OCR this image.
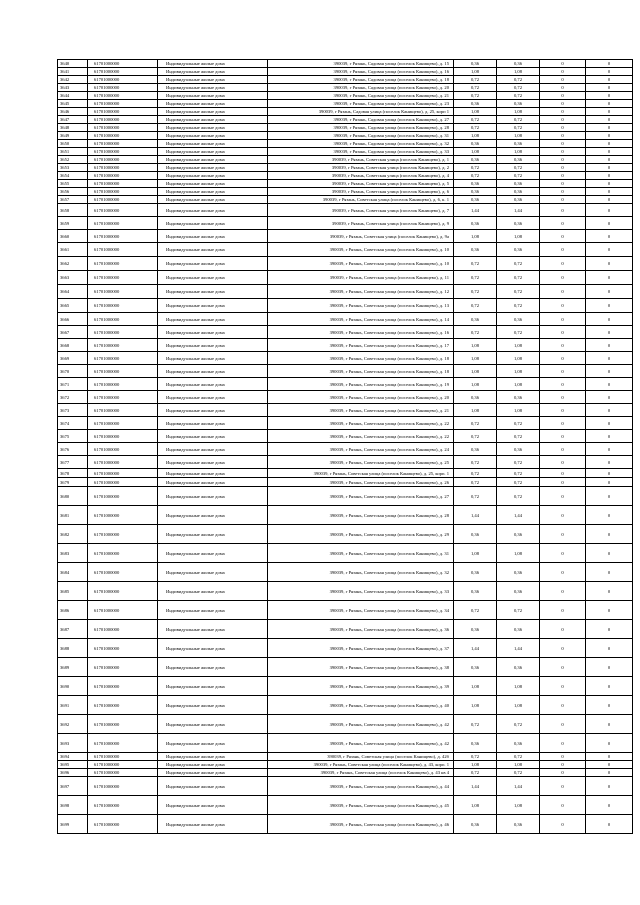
3640	61701000000	Индивидуальные жилые дома	390039, г Рязань, Садовая улица (поселок Канищево), д. 15	0,36	0,36	0	0
3641	61701000000	Индивидуальные жилые дома	390039, г Рязань, Садовая улица (поселок Канищево), д. 16	1,08	1,08	0	0
3642	61701000000	Индивидуальные жилые дома	390039, г Рязань, Садовая улица (поселок Канищево), д. 18	0,72	0,72	0	0
3643	61701000000	Индивидуальные жилые дома	390039, г Рязань, Садовая улица (поселок Канищево), д. 20	0,72	0,72	0	0
3644	61701000000	Индивидуальные жилые дома	390039, г Рязань, Садовая улица (поселок Канищево), д. 21	0,72	0,72	0	0
3645	61701000000	Индивидуальные жилые дома	390039, г Рязань, Садовая улица (поселок Канищево), д. 23	0,36	0,36	0	0
3646	61701000000	Индивидуальные жилые дома	390039, г Рязань, Садовая улица (поселок Канищево), д. 25, корп 1	1,08	1,08	0	0
3647	61701000000	Индивидуальные жилые дома	390039, г Рязань, Садовая улица (поселок Канищево), д. 27	0,72	0,72	0	0
3648	61701000000	Индивидуальные жилые дома	390039, г Рязань, Садовая улица (поселок Канищево), д. 28	0,72	0,72	0	0
3649	61701000000	Индивидуальные жилые дома	390039, г Рязань, Садовая улица (поселок Канищево), д. 31	1,08	1,08	0	0
3650	61701000000	Индивидуальные жилые дома	390039, г Рязань, Садовая улица (поселок Канищево), д. 32	0,36	0,36	0	0
3651	61701000000	Индивидуальные жилые дома	390039, г Рязань, Садовая улица (поселок Канищево), д. 33	1,08	1,08	0	0
3652	61701000000	Индивидуальные жилые дома	390039, г Рязань, Советская улица (поселок Канищево), д. 1	0,36	0,36	0	0
3653	61701000000	Индивидуальные жилые дома	390039, г Рязань, Советская улица (поселок Канищево), д. 2	0,72	0,72	0	0
3654	61701000000	Индивидуальные жилые дома	390039, г Рязань, Советская улица (поселок Канищево), д. 4	0,72	0,72	0	0
3655	61701000000	Индивидуальные жилые дома	390039, г Рязань, Советская улица (поселок Канищево), д. 5	0,36	0,36	0	0
3656	61701000000	Индивидуальные жилые дома	390039, г Рязань, Советская улица (поселок Канищево), д. 6	0,36	0,36	0	0
3657	61701000000	Индивидуальные жилые дома	390039, г Рязань, Советская улица (поселок Канищево), д. 6, к. 1	0,36	0,36	0	0
3658	61701000000	Индивидуальные жилые дома	390039, г Рязань, Советская улица (поселок Канищево), д. 7	1,44	1,44	0	0
3659	61701000000	Индивидуальные жилые дома	390039, г Рязань, Советская улица (поселок Канищево), д. 9	0,36	0,36	0	0
3660	61701000000	Индивидуальные жилые дома	390039, г Рязань, Советская улица (поселок Канищево), д. 9а	1,08	1,08	0	0
3661	61701000000	Индивидуальные жилые дома	390039, г Рязань, Советская улица (поселок Канищево), д. 10	0,36	0,36	0	0
3662	61701000000	Индивидуальные жилые дома	390039, г Рязань, Советская улица (поселок Канищево), д. 10	0,72	0,72	0	0
3663	61701000000	Индивидуальные жилые дома	390039, г Рязань, Советская улица (поселок Канищево), д. 11	0,72	0,72	0	0
3664	61701000000	Индивидуальные жилые дома	390039, г Рязань, Советская улица (поселок Канищево), д. 12	0,72	0,72	0	0
3665	61701000000	Индивидуальные жилые дома	390039, г Рязань, Советская улица (поселок Канищево), д. 13	0,72	0,72	0	0
3666	61701000000	Индивидуальные жилые дома	390039, г Рязань, Советская улица (поселок Канищево), д. 14	0,36	0,36	0	0
3667	61701000000	Индивидуальные жилые дома	390039, г Рязань, Советская улица (поселок Канищево), д. 16	0,72	0,72	0	0
3668	61701000000	Индивидуальные жилые дома	390039, г Рязань, Советская улица (поселок Канищево), д. 17	1,08	1,08	0	0
3669	61701000000	Индивидуальные жилые дома	390039, г Рязань, Советская улица (поселок Канищево), д. 18	1,08	1,08	0	0
3670	61701000000	Индивидуальные жилые дома	390039, г Рязань, Советская улица (поселок Канищево), д. 18	1,08	1,08	0	0
3671	61701000000	Индивидуальные жилые дома	390039, г Рязань, Советская улица (поселок Канищево), д. 19	1,08	1,08	0	0
3672	61701000000	Индивидуальные жилые дома	390039, г Рязань, Советская улица (поселок Канищево), д. 20	0,36	0,36	0	0
3673	61701000000	Индивидуальные жилые дома	390039, г Рязань, Советская улица (поселок Канищево), д. 21	1,08	1,08	0	0
3674	61701000000	Индивидуальные жилые дома	390039, г Рязань, Советская улица (поселок Канищево), д. 22	0,72	0,72	0	0
3675	61701000000	Индивидуальные жилые дома	390039, г Рязань, Советская улица (поселок Канищево), д. 22	0,72	0,72	0	0
3676	61701000000	Индивидуальные жилые дома	390039, г Рязань, Советская улица (поселок Канищево), д. 24	0,36	0,36	0	0
3677	61701000000	Индивидуальные жилые дома	390039, г Рязань, Советская улица (поселок Канищево), д. 25	0,72	0,72	0	0
3678	61701000000	Индивидуальные жилые дома	390039, г Рязань, Советская улица (поселок Канищево), д. 25, корп. 1	0,72	0,72	0	0
3679	61701000000	Индивидуальные жилые дома	390039, г Рязань, Советская улица (поселок Канищево), д. 26	0,72	0,72	0	0
3680	61701000000	Индивидуальные жилые дома	390039, г Рязань, Советская улица (поселок Канищево), д. 27	0,72	0,72	0	0
3681	61701000000	Индивидуальные жилые дома	390039, г Рязань, Советская улица (поселок Канищево), д. 28	1,44	1,44	0	0
3682	61701000000	Индивидуальные жилые дома	390039, г Рязань, Советская улица (поселок Канищево), д. 29	0,36	0,36	0	0
3683	61701000000	Индивидуальные жилые дома	390039, г Рязань, Советская улица (поселок Канищево), д. 31	1,08	1,08	0	0
3684	61701000000	Индивидуальные жилые дома	390039, г Рязань, Советская улица (поселок Канищево), д. 32	0,36	0,36	0	0
3685	61701000000	Индивидуальные жилые дома	390039, г Рязань, Советская улица (поселок Канищево), д. 33	0,36	0,36	0	0
3686	61701000000	Индивидуальные жилые дома	390039, г Рязань, Советская улица (поселок Канищево), д. 34	0,72	0,72	0	0
3687	61701000000	Индивидуальные жилые дома	390039, г Рязань, Советская улица (поселок Канищево), д. 36	0,36	0,36	0	0
3688	61701000000	Индивидуальные жилые дома	390039, г Рязань, Советская улица (поселок Канищево), д. 37	1,44	1,44	0	0
3689	61701000000	Индивидуальные жилые дома	390039, г Рязань, Советская улица (поселок Канищево), д. 38	0,36	0,36	0	0
3690	61701000000	Индивидуальные жилые дома	390039, г Рязань, Советская улица (поселок Канищево), д. 39	1,08	1,08	0	0
3691	61701000000	Индивидуальные жилые дома	390039, г Рязань, Советская улица (поселок Канищево), д. 40	1,08	1,08	0	0
3692	61701000000	Индивидуальные жилые дома	390039, г Рязань, Советская улица (поселок Канищево), д. 42	0,72	0,72	0	0
3693	61701000000	Индивидуальные жилые дома	390039, г Рязань, Советская улица (поселок Канищево), д. 42	0,36	0,36	0	0
3694	61701000000	Индивидуальные жилые дома	390039, г Рязань, Советская улица (поселок Канищево), д. 42б	0,72	0,72	0	0
3695	61701000000	Индивидуальные жилые дома	390039, г Рязань, Советская улица (поселок Канищево), д. 43, корп. 1	1,08	1,08	0	0
3696	61701000000	Индивидуальные жилые дома	390039, г Рязань, Советская улица (поселок Канищево), д. 43 кв 4	0,72	0,72	0	0
3697	61701000000	Индивидуальные жилые дома	390039, г Рязань, Советская улица (поселок Канищево), д. 44	1,44	1,44	0	0
3698	61701000000	Индивидуальные жилые дома	390039, г Рязань, Советская улица (поселок Канищево), д. 45	1,08	1,08	0	0
3699	61701000000	Индивидуальные жилые дома	390039, г Рязань, Советская улица (поселок Канищево), д. 46	0,36	0,36	0	0
